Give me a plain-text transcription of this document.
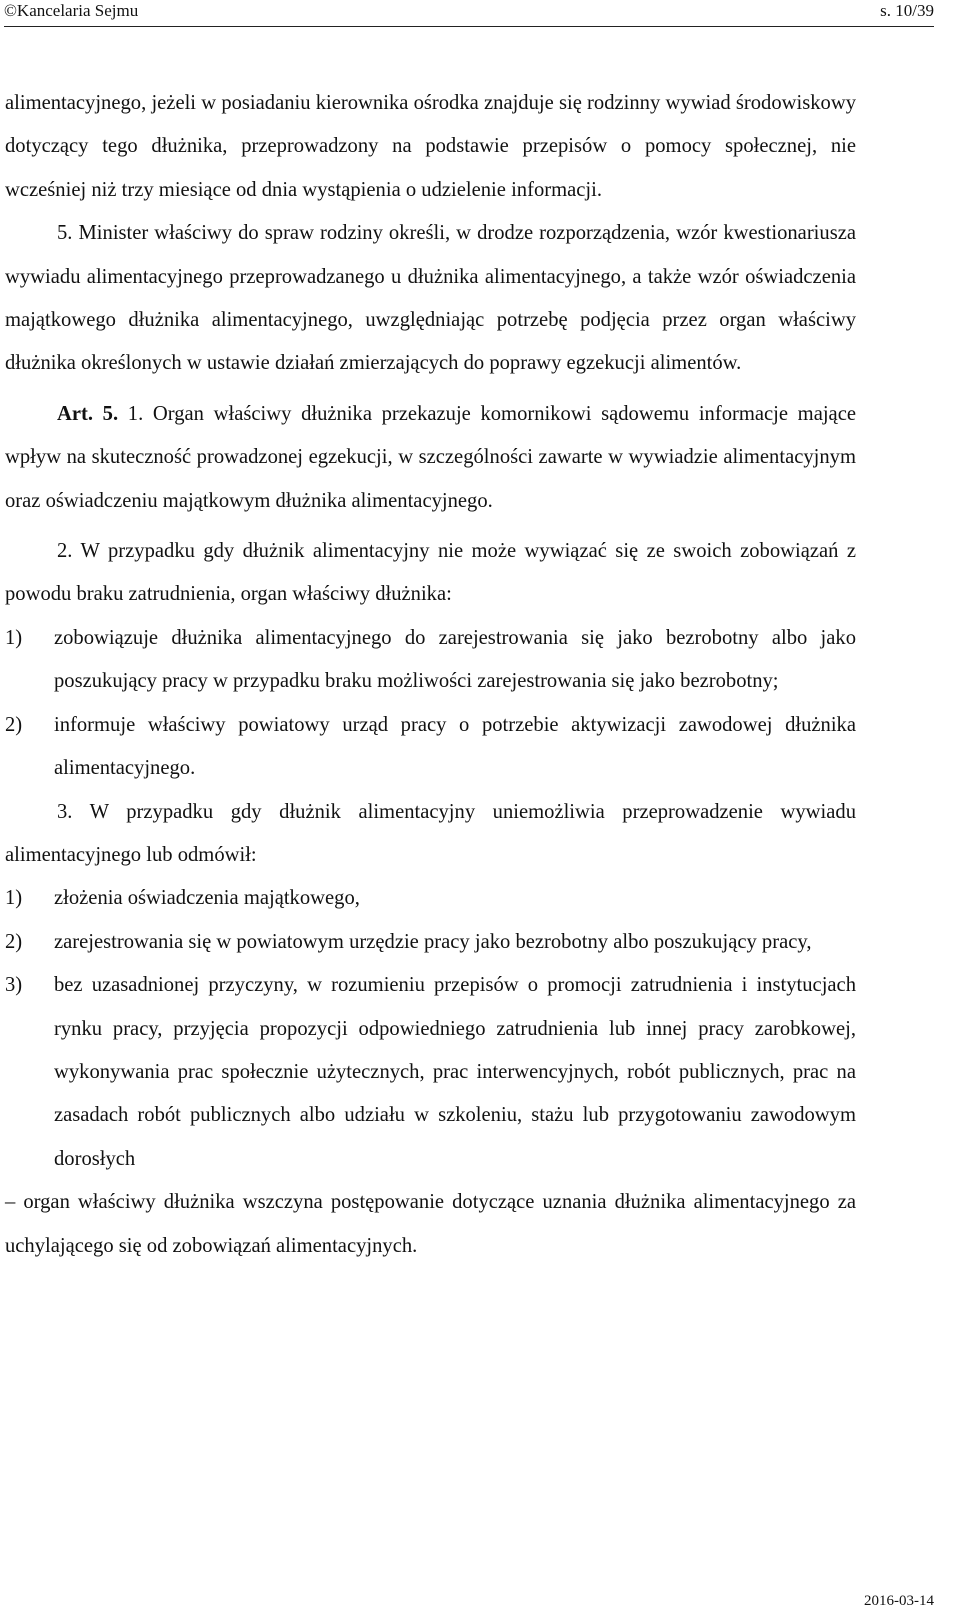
©Kancelaria Sejmu	s. 10/39

alimentacyjnego, jeżeli w posiadaniu kierownika ośrodka znajduje się rodzinny wywiad środowiskowy dotyczący tego dłużnika, przeprowadzony na podstawie przepisów o pomocy społecznej, nie wcześniej niż trzy miesiące od dnia wystąpienia o udzielenie informacji.

5. Minister właściwy do spraw rodziny określi, w drodze rozporządzenia, wzór kwestionariusza wywiadu alimentacyjnego przeprowadzanego u dłużnika alimentacyjnego, a także wzór oświadczenia majątkowego dłużnika alimentacyjnego, uwzględniając potrzebę podjęcia przez organ właściwy dłużnika określonych w ustawie działań zmierzających do poprawy egzekucji alimentów.

Art. 5. 1. Organ właściwy dłużnika przekazuje komornikowi sądowemu informacje mające wpływ na skuteczność prowadzonej egzekucji, w szczególności zawarte w wywiadzie alimentacyjnym oraz oświadczeniu majątkowym dłużnika alimentacyjnego.

2. W przypadku gdy dłużnik alimentacyjny nie może wywiązać się ze swoich zobowiązań z powodu braku zatrudnienia, organ właściwy dłużnika:

1) zobowiązuje dłużnika alimentacyjnego do zarejestrowania się jako bezrobotny albo jako poszukujący pracy w przypadku braku możliwości zarejestrowania się jako bezrobotny;
2) informuje właściwy powiatowy urząd pracy o potrzebie aktywizacji zawodowej dłużnika alimentacyjnego.

3. W przypadku gdy dłużnik alimentacyjny uniemożliwia przeprowadzenie wywiadu alimentacyjnego lub odmówił:

1) złożenia oświadczenia majątkowego,
2) zarejestrowania się w powiatowym urzędzie pracy jako bezrobotny albo poszukujący pracy,
3) bez uzasadnionej przyczyny, w rozumieniu przepisów o promocji zatrudnienia i instytucjach rynku pracy, przyjęcia propozycji odpowiedniego zatrudnienia lub innej pracy zarobkowej, wykonywania prac społecznie użytecznych, prac interwencyjnych, robót publicznych, prac na zasadach robót publicznych albo udziału w szkoleniu, stażu lub przygotowaniu zawodowym dorosłych

– organ właściwy dłużnika wszczyna postępowanie dotyczące uznania dłużnika alimentacyjnego za uchylającego się od zobowiązań alimentacyjnych.

2016-03-14
